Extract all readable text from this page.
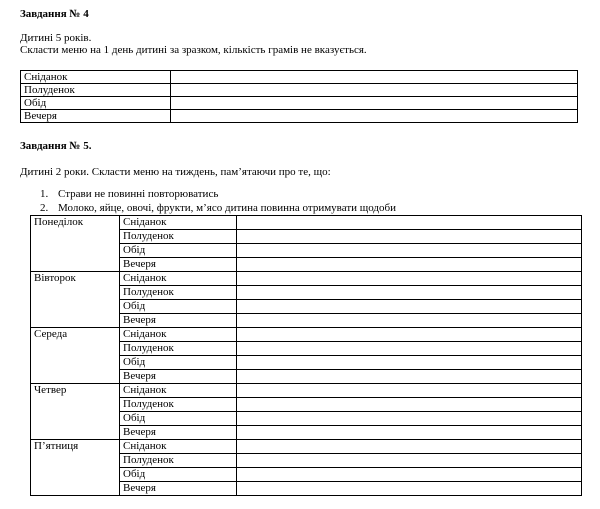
Завдання № 4
Дитині 5 років.
Скласти меню на 1 день дитині за зразком, кількість грамів не вказується.
Сніданок	
Полуденок	
Обід	
Вечеря	
Завдання № 5.
Дитині 2 роки. Скласти меню на тиждень, пам’ятаючи про те, що:
1. Страви не повинні повторюватись
2. Молоко, яйце, овочі, фрукти, м’ясо дитина повинна отримувати щодоби
Понеділок	Сніданок	
	Полуденок	
	Обід	
	Вечеря	
Вівторок	Сніданок	
	Полуденок	
	Обід	
	Вечеря	
Середа	Сніданок	
	Полуденок	
	Обід	
	Вечеря	
Четвер	Сніданок	
	Полуденок	
	Обід	
	Вечеря	
П’ятниця	Сніданок	
	Полуденок	
	Обід	
	Вечеря	
